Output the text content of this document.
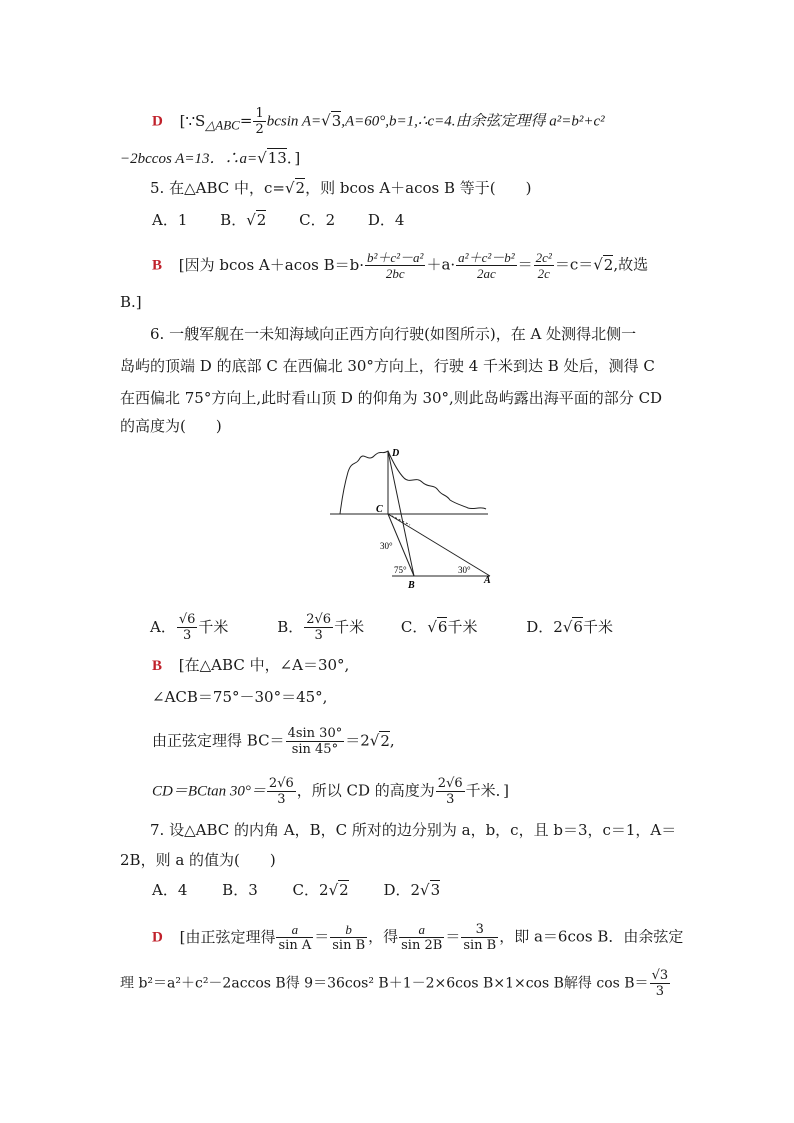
D [$\because S_{\triangle ABC}= \frac{1}{2}$ bcsin A=√3,A=60°,b=1,∴c=4.由余弦定理得 a²=b²+c²
−2bccos A=13．∴a=√13．]
5. 在△ABC 中，c=√2，则 bcos A＋acos B 等于(　　)
A．1 B．√2 C．2 D．4
B [因为 bcos A＋acos $B=b\cdot \frac{\text{b²＋c²－a²}}{2bc} +a\cdot \frac{\text{a²＋c²－b²}}{2ac} = \frac{\text{2c²}}{2c} =c=√2$,故选
B.]
6. 一艘军舰在一未知海域向正西方向行驶(如图所示)，在 A 处测得北侧一
岛屿的顶端 D 的底部 C 在西偏北 30°方向上，行驶 4 千米到达 B 处后，测得 C
在西偏北 75°方向上,此时看山顶 D 的仰角为 30°,则此岛屿露出海平面的部分 CD
的高度为(　　)
D
C
B	A
30°
75°	30°
A． $\frac{√6}{3}$ 千米	B． $\frac{2√6}{3}$ 千米 C．√6千米	D．2√6千米
B [在△ABC 中，∠A＝30°,
∠ACB＝75°－30°＝45°,
由正弦定理得 $BC= \frac{4\sin 30^\circ}{\sin 45^\circ} =2√2$,
CD＝BCtan $30^\circ= \frac{2√6}{3}$ ，所以 CD 的高度为 $\frac{2√6}{3}$ 千米．]
7. 设△ABC 的内角 A，B，C 所对的边分别为 a，b，c，且 b＝3，c＝1，A＝
2B，则 a 的值为(　　)
A．4 B．3 C．2√2 D．2√3
D [由正弦定理得 $\frac{a}{\text{sin A}} = \frac{b}{\text{sin B}}$ ，得 $\frac{a}{\sin 2B} = \frac{3}{\text{sin B}}$ ，即 a＝6cos B．由余弦定
理 b²＝a²＋c²－2accos B得 9＝36cos² B＋1－2×6cos B×1×cos B解得 $\cos B= \frac{√3}{3}$
